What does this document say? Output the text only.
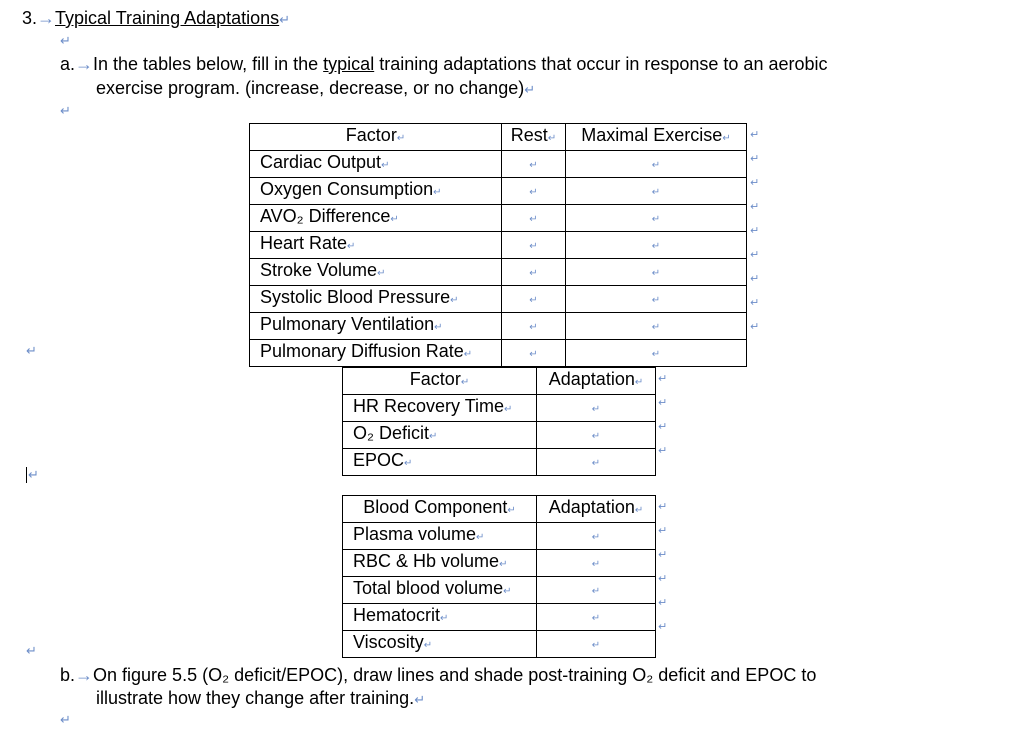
3.→Typical Training Adaptations↵
↵
a.→In the tables below, fill in the typical training adaptations that occur in response to an aerobic
exercise program. (increase, decrease, or no change)↵
↵
Factor↵	Rest↵	Maximal Exercise↵
Cardiac Output↵	↵	↵
Oxygen Consumption↵	↵	↵
AVO₂ Difference↵	↵	↵
Heart Rate↵	↵	↵
Stroke Volume↵	↵	↵
Systolic Blood Pressure↵	↵	↵
Pulmonary Ventilation↵	↵	↵
Pulmonary Diffusion Rate↵	↵	↵
↵
↵
↵
↵
↵
↵
↵
↵
↵
↵
Factor↵	Adaptation↵
HR Recovery Time↵	↵
O₂ Deficit↵	↵
EPOC↵	↵
↵
↵
↵
↵
↵
Blood Component↵	Adaptation↵
Plasma volume↵	↵
RBC & Hb volume↵	↵
Total blood volume↵	↵
Hematocrit↵	↵
Viscosity↵	↵
↵
↵
↵
↵
↵
↵
↵
b.→On figure 5.5 (O₂ deficit/EPOC), draw lines and shade post-training O₂ deficit and EPOC to
illustrate how they change after training.↵
↵
